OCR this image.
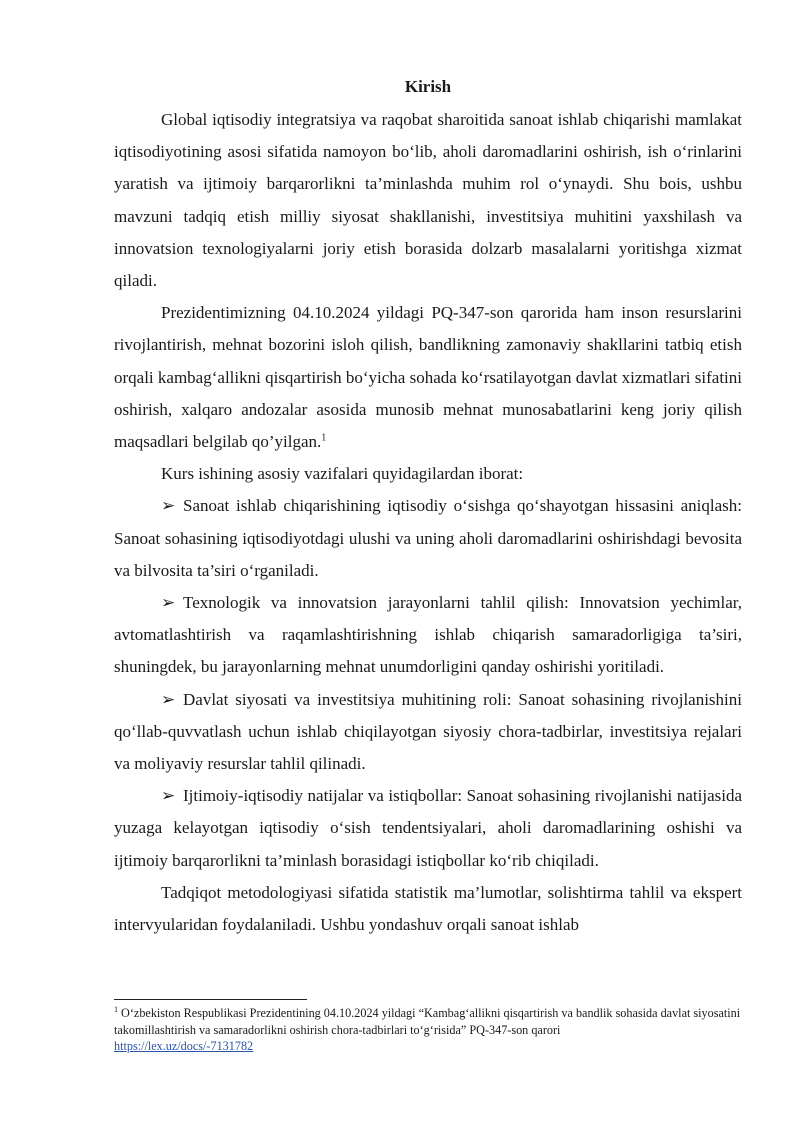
Kirish

Global iqtisodiy integratsiya va raqobat sharoitida sanoat ishlab chiqarishi mamlakat iqtisodiyotining asosi sifatida namoyon bo‘lib, aholi daromadlarini oshirish, ish o‘rinlarini yaratish va ijtimoiy barqarorlikni ta’minlashda muhim rol o‘ynaydi. Shu bois, ushbu mavzuni tadqiq etish milliy siyosat shakllanishi, investitsiya muhitini yaxshilash va innovatsion texnologiyalarni joriy etish borasida dolzarb masalalarni yoritishga xizmat qiladi.

Prezidentimizning 04.10.2024 yildagi PQ-347-son qarorida ham inson resurslarini rivojlantirish, mehnat bozorini isloh qilish, bandlikning zamonaviy shakllarini tatbiq etish orqali kambag‘allikni qisqartirish bo‘yicha sohada ko‘rsatilayotgan davlat xizmatlari sifatini oshirish, xalqaro andozalar asosida munosib mehnat munosabatlarini keng joriy qilish maqsadlari belgilab qo’yilgan.$^1$

Kurs ishining asosiy vazifalari quyidagilardan iborat:

➢ Sanoat ishlab chiqarishining iqtisodiy o‘sishga qo‘shayotgan hissasini aniqlash: Sanoat sohasining iqtisodiyotdagi ulushi va uning aholi daromadlarini oshirishdagi bevosita va bilvosita ta’siri o‘rganiladi.

➢ Texnologik va innovatsion jarayonlarni tahlil qilish: Innovatsion yechimlar, avtomatlashtirish va raqamlashtirishning ishlab chiqarish samaradorligiga ta’siri, shuningdek, bu jarayonlarning mehnat unumdorligini qanday oshirishi yoritiladi.

➢ Davlat siyosati va investitsiya muhitining roli: Sanoat sohasining rivojlanishini qo‘llab-quvvatlash uchun ishlab chiqilayotgan siyosiy chora-tadbirlar, investitsiya rejalari va moliyaviy resurslar tahlil qilinadi.

➢ Ijtimoiy-iqtisodiy natijalar va istiqbollar: Sanoat sohasining rivojlanishi natijasida yuzaga kelayotgan iqtisodiy o‘sish tendentsiyalari, aholi daromadlarining oshishi va ijtimoiy barqarorlikni ta’minlash borasidagi istiqbollar ko‘rib chiqiladi.

Tadqiqot metodologiyasi sifatida statistik ma’lumotlar, solishtirma tahlil va ekspert intervyularidan foydalaniladi. Ushbu yondashuv orqali sanoat ishlab

$^1$ O‘zbekiston Respublikasi Prezidentining 04.10.2024 yildagi “Kambag‘allikni qisqartirish va bandlik sohasida davlat siyosatini takomillashtirish va samaradorlikni oshirish chora-tadbirlari to‘g‘risida” PQ-347-son qarori
https://lex.uz/docs/-7131782
